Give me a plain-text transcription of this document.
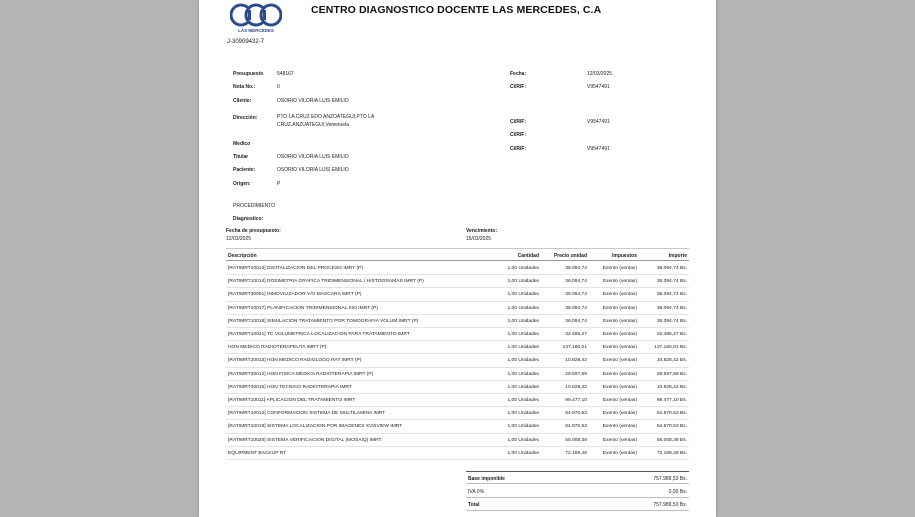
LAS MERCEDES
CENTRO DIAGNOSTICO DOCENTE LAS MERCEDES, C.A
J-30909432-7
Presupuesto	548167
Nota No.:	0
Cliente:	OSORIO VILORIA LUIS EMILIO
Dirección:	PTO LA CRUZ EDO ANZOATEGUI,PTO LA CRUZ,ANZUATEGUI,Venezuela
Medico
Titular	OSORIO VILORIA LUIS EMILIO
Paciente:	OSORIO VILORIA LUIS EMILIO
Origen:	P
Fecha:	12/03/2025
CI/RIF:	V9547491
CI/RIF:	V9547491
CI/RIF:
CI/RIF:	V9547491
PROCEDIMIENTO
Diagnostico:
Fecha de presupuesto:
12/03/2025
Vencimiento:
15/03/2025
Descripción	Cantidad	Precio unidad	Impuestos	Importe
[RATIMRT10013] DIGITALIZACION DEL PROCESO IMRT (P)	1,00 Unidades	36.094,74	Exento (ventas)	36.094,74 Bs.
[RATIMRT10014] DOSIMETRIA GRAFICA TRIDIMENSIONAL / HISTOGRAMAS IMRT (P)	1,00 Unidades	36.094,74	Exento (ventas)	36.094,74 Bs.
[RATIMRT30001] INMOVILIZADOR Y/O MASCARA IMRT (P)	1,00 Unidades	36.094,74	Exento (ventas)	36.094,74 Bs.
[RATIMRT10017] PLANIFICACION TRIDIMENSIONAL XIO IMRT (P)	1,00 Unidades	36.094,74	Exento (ventas)	36.094,74 Bs.
[RATIMRT10018] SIMULACION TRATAMIENTO POR TOMOGRAFIA VOLUM IMRT (P)	1,00 Unidades	36.094,74	Exento (ventas)	36.094,74 Bs.
[RATIMRT10021] TC VOLUMETRICA LOCALIZACION PARA TRATAMIENTO IMRT	1,00 Unidades	32.485,27	Exento (ventas)	32.485,27 Bs.
HON MEDICO RADIOTERAPEUTA IMRT (P)	1,00 Unidades	137.160,01	Exento (ventas)	137.160,01 Bs.
[RATIMRT20013] HON MEDICO RADIOLOGO RAT IMRT (P)	1,00 Unidades	10.828,42	Exento (ventas)	10.828,42 Bs.
[RATIMRT20012] HON FISICA MEDICA RADIOTERAPIA IMRT (P)	1,00 Unidades	29.597,69	Exento (ventas)	29.597,69 Bs.
[RATIMRT20015] HON TECNICO RADIOTERAPIA IMRT	1,00 Unidades	10.828,42	Exento (ventas)	10.828,42 Bs.
[RATIMRT10011] APLICACION DEL TRATAMIENTO IMRT	1,00 Unidades	99.477,10	Exento (ventas)	99.477,10 Bs.
[RATIMRT10012] CONFORMACION SISTEMA DE MULTILAMINA IMRT	1,00 Unidades	64.970,53	Exento (ventas)	64.970,53 Bs.
[RATIMRT10019] SISTEMA LOCALIZACION POR IMAGENES XVI/IVIEW IMRT	1,00 Unidades	64.970,53	Exento (ventas)	64.970,53 Bs.
[RATIMRT10020] SISTEMA VERIFICACION DIGITAL (MOSAIQ) IMRT	1,00 Unidades	55.008,38	Exento (ventas)	55.008,38 Bs.
EQUIPMENT BACKUP RT	1,00 Unidades	72.189,48	Exento (ventas)	72.189,48 Bs.
Base imponible	757.989,53 Bs.
IVA 0%	0,00 Bs.
Total	757.989,53 Bs.
